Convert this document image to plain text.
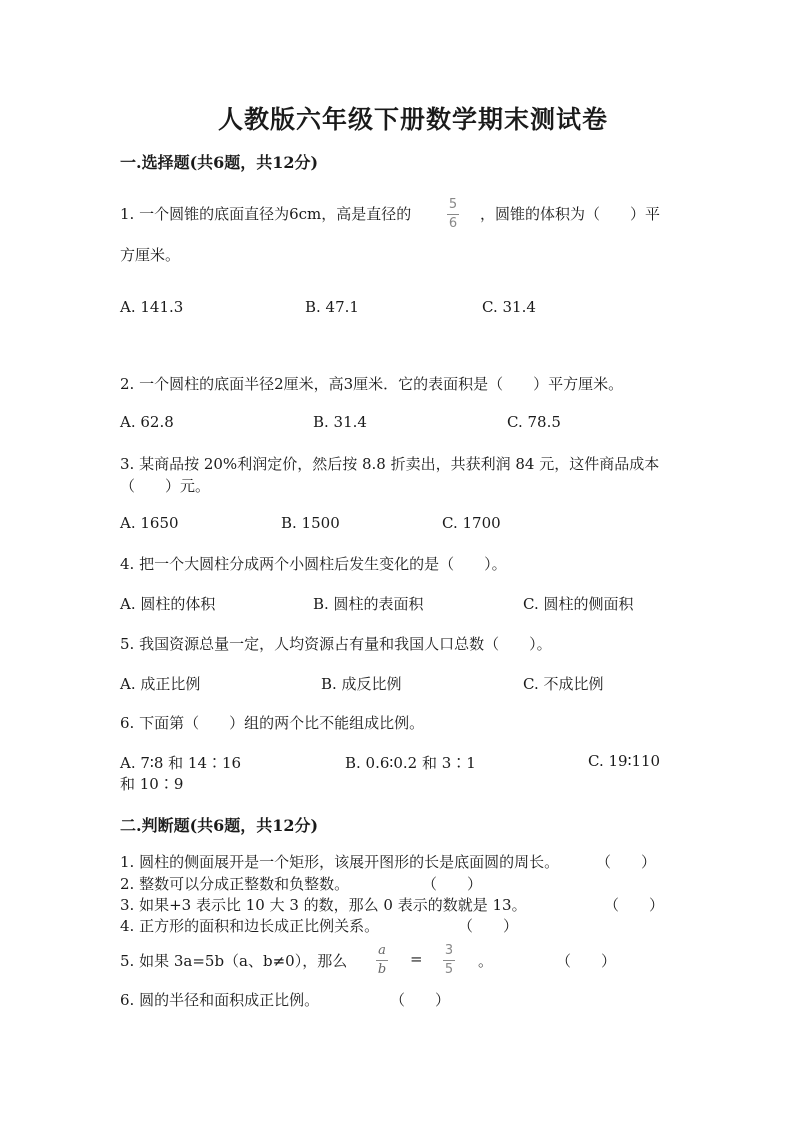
人教版六年级下册数学期末测试卷
一.选择题(共6题，共12分)
1. 一个圆锥的底面直径为6cm，高是直径的
5
6
，圆锥的体积为（　　）平
方厘米。
A. 141.3	B. 47.1	C. 31.4
2. 一个圆柱的底面半径2厘米，高3厘米．它的表面积是（　　）平方厘米。
A. 62.8	B. 31.4	C. 78.5
3. 某商品按 20%利润定价，然后按 8.8 折卖出，共获利润 84 元，这件商品成本
（　　）元。
A. 1650	B. 1500	C. 1700
4. 把一个大圆柱分成两个小圆柱后发生变化的是（　　）。
A. 圆柱的体积	B. 圆柱的表面积	C. 圆柱的侧面积
5. 我国资源总量一定，人均资源占有量和我国人口总数（　　）。
A. 成正比例	B. 成反比例	C. 不成比例
6. 下面第（　　）组的两个比不能组成比例。
A. 7∶8 和 14∶16	B. 0.6∶0.2 和 3∶1	C. 19∶110
和 10∶9
二.判断题(共6题，共12分)
1. 圆柱的侧面展开是一个矩形，该展开图形的长是底面圆的周长。 （　　）
2. 整数可以分成正整数和负整数。	（　　）
3. 如果+3 表示比 10 大 3 的数，那么 0 表示的数就是 13。	（　　）
4. 正方形的面积和边长成正比例关系。	（　　）
5. 如果 3a=5b（a、b≠0），那么
a
b
= 3
5 。	（　　）
6. 圆的半径和面积成正比例。	（　　）
